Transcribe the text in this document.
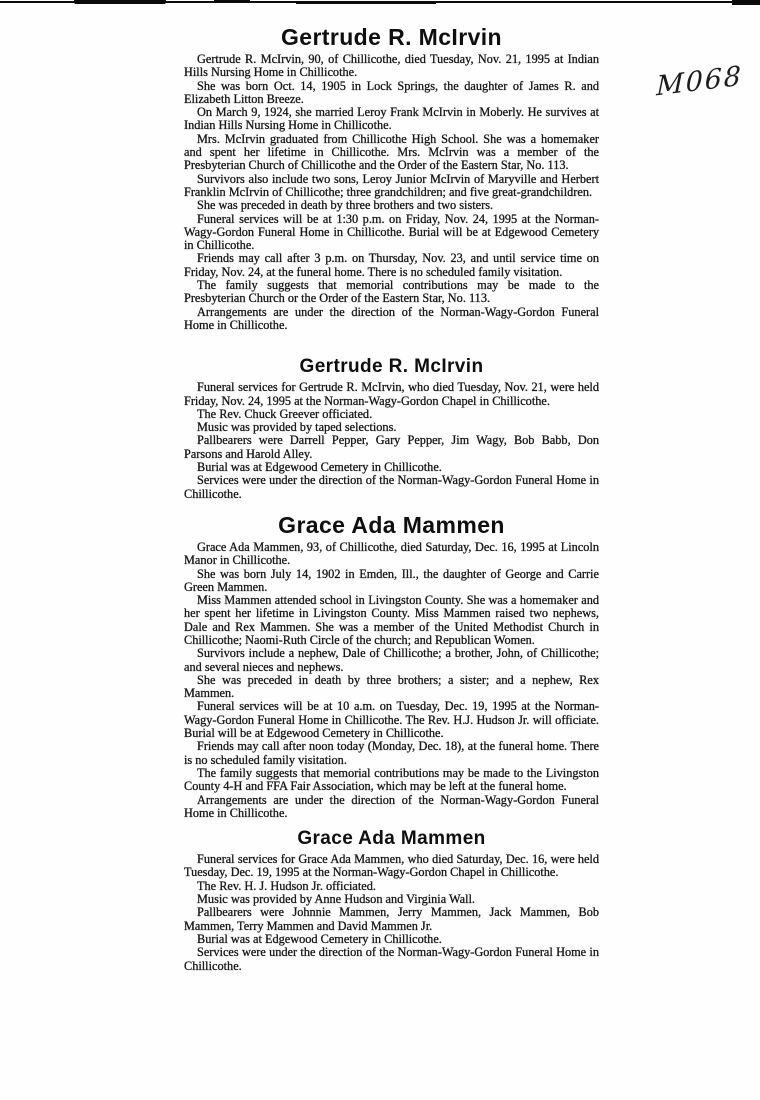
M068
Gertrude R. McIrvin

Gertrude R. McIrvin, 90, of Chillicothe, died Tuesday, Nov. 21, 1995 at Indian Hills Nursing Home in Chillicothe.

She was born Oct. 14, 1905 in Lock Springs, the daughter of James R. and Elizabeth Litton Breeze.

On March 9, 1924, she married Leroy Frank McIrvin in Moberly. He survives at Indian Hills Nursing Home in Chillicothe.

Mrs. McIrvin graduated from Chillicothe High School. She was a homemaker and spent her lifetime in Chillicothe. Mrs. McIrvin was a member of the Presbyterian Church of Chillicothe and the Order of the Eastern Star, No. 113.

Survivors also include two sons, Leroy Junior McIrvin of Maryville and Herbert Franklin McIrvin of Chillicothe; three grandchildren; and five great-grandchildren.

She was preceded in death by three brothers and two sisters.

Funeral services will be at 1:30 p.m. on Friday, Nov. 24, 1995 at the Norman-Wagy-Gordon Funeral Home in Chillicothe. Burial will be at Edgewood Cemetery in Chillicothe.

Friends may call after 3 p.m. on Thursday, Nov. 23, and until service time on Friday, Nov. 24, at the funeral home. There is no scheduled family visitation.

The family suggests that memorial contributions may be made to the Presbyterian Church or the Order of the Eastern Star, No. 113.

Arrangements are under the direction of the Norman-Wagy-Gordon Funeral Home in Chillicothe.

Gertrude R. McIrvin

Funeral services for Gertrude R. McIrvin, who died Tuesday, Nov. 21, were held Friday, Nov. 24, 1995 at the Norman-Wagy-Gordon Chapel in Chillicothe.

The Rev. Chuck Greever officiated.

Music was provided by taped selections.

Pallbearers were Darrell Pepper, Gary Pepper, Jim Wagy, Bob Babb, Don Parsons and Harold Alley.

Burial was at Edgewood Cemetery in Chillicothe.

Services were under the direction of the Norman-Wagy-Gordon Funeral Home in Chillicothe.

Grace Ada Mammen

Grace Ada Mammen, 93, of Chillicothe, died Saturday, Dec. 16, 1995 at Lincoln Manor in Chillicothe.

She was born July 14, 1902 in Emden, Ill., the daughter of George and Carrie Green Mammen.

Miss Mammen attended school in Livingston County. She was a homemaker and her spent her lifetime in Livingston County. Miss Mammen raised two nephews, Dale and Rex Mammen. She was a member of the United Methodist Church in Chillicothe; Naomi-Ruth Circle of the church; and Republican Women.

Survivors include a nephew, Dale of Chillicothe; a brother, John, of Chillicothe; and several nieces and nephews.

She was preceded in death by three brothers; a sister; and a nephew, Rex Mammen.

Funeral services will be at 10 a.m. on Tuesday, Dec. 19, 1995 at the Norman-Wagy-Gordon Funeral Home in Chillicothe. The Rev. H.J. Hudson Jr. will officiate. Burial will be at Edgewood Cemetery in Chillicothe.

Friends may call after noon today (Monday, Dec. 18), at the funeral home. There is no scheduled family visitation.

The family suggests that memorial contributions may be made to the Livingston County 4-H and FFA Fair Association, which may be left at the funeral home.

Arrangements are under the direction of the Norman-Wagy-Gordon Funeral Home in Chillicothe.

Grace Ada Mammen

Funeral services for Grace Ada Mammen, who died Saturday, Dec. 16, were held Tuesday, Dec. 19, 1995 at the Norman-Wagy-Gordon Chapel in Chillicothe.

The Rev. H. J. Hudson Jr. officiated.

Music was provided by Anne Hudson and Virginia Wall.

Pallbearers were Johnnie Mammen, Jerry Mammen, Jack Mammen, Bob Mammen, Terry Mammen and David Mammen Jr.

Burial was at Edgewood Cemetery in Chillicothe.

Services were under the direction of the Norman-Wagy-Gordon Funeral Home in Chillicothe.
